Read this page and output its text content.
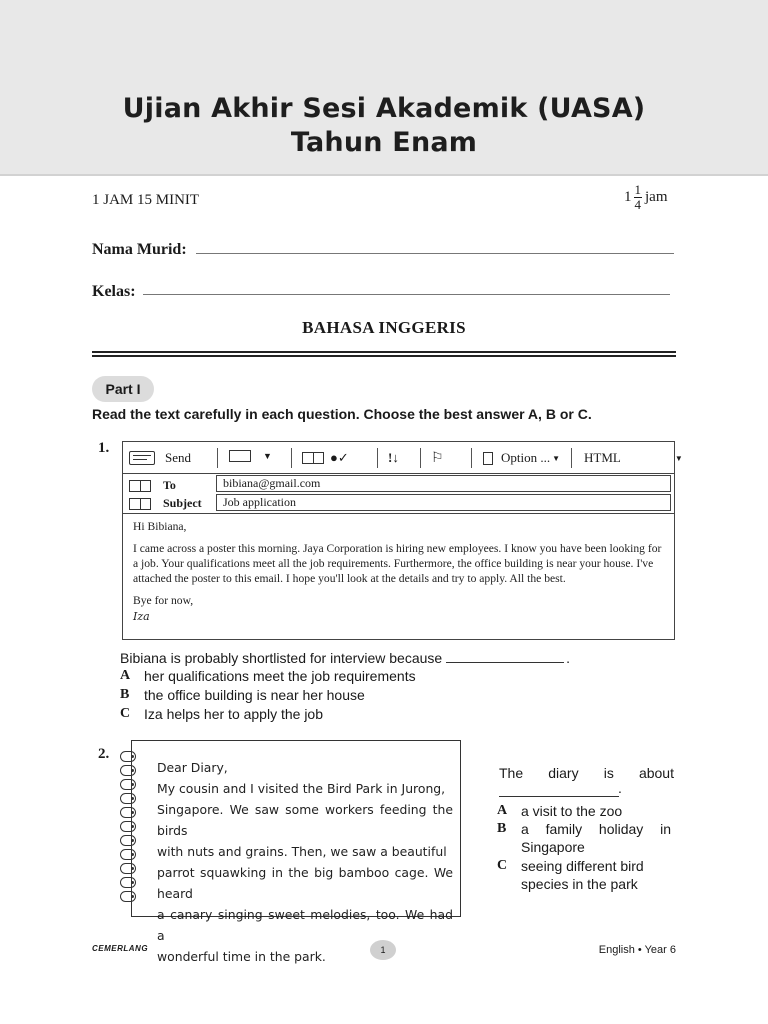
Ujian Akhir Sesi Akademik (UASA)
Tahun Enam
1 JAM 15 MINIT	$1 \frac{1}{4}$ jam
Nama Murid:
Kelas:
BAHASA INGGERIS
Part I
Read the text carefully in each question. Choose the best answer A, B or C.
1.
Send	▼	●✓	!↓ ⚐	Option ... ▼ HTML	▼
To	bibiana@gmail.com
Subject	Job application

Hi Bibiana,

I came across a poster this morning. Jaya Corporation is hiring new employees. I know you have been looking for a job. Your qualifications meet all the job requirements. Furthermore, the office building is near your house. I've attached the poster to this email. I hope you'll look at the details and try to apply. All the best.

Bye for now,

Iza

Bibiana is probably shortlisted for interview because	.
A her qualifications meet the job requirements
B	the office building is near her house
C Iza helps her to apply the job
2.
Dear Diary,
My cousin and I visited the Bird Park in Jurong,
Singapore. We saw some workers feeding the birds
with nuts and grains. Then, we saw a beautiful
parrot squawking in the big bamboo cage. We heard
a canary singing sweet melodies, too. We had a
wonderful time in the park.
The diary is about
.
A a visit to the zoo
B	a family holiday in Singapore
C seeing different bird species in the park
CEMERLANG	1	English • Year 6
